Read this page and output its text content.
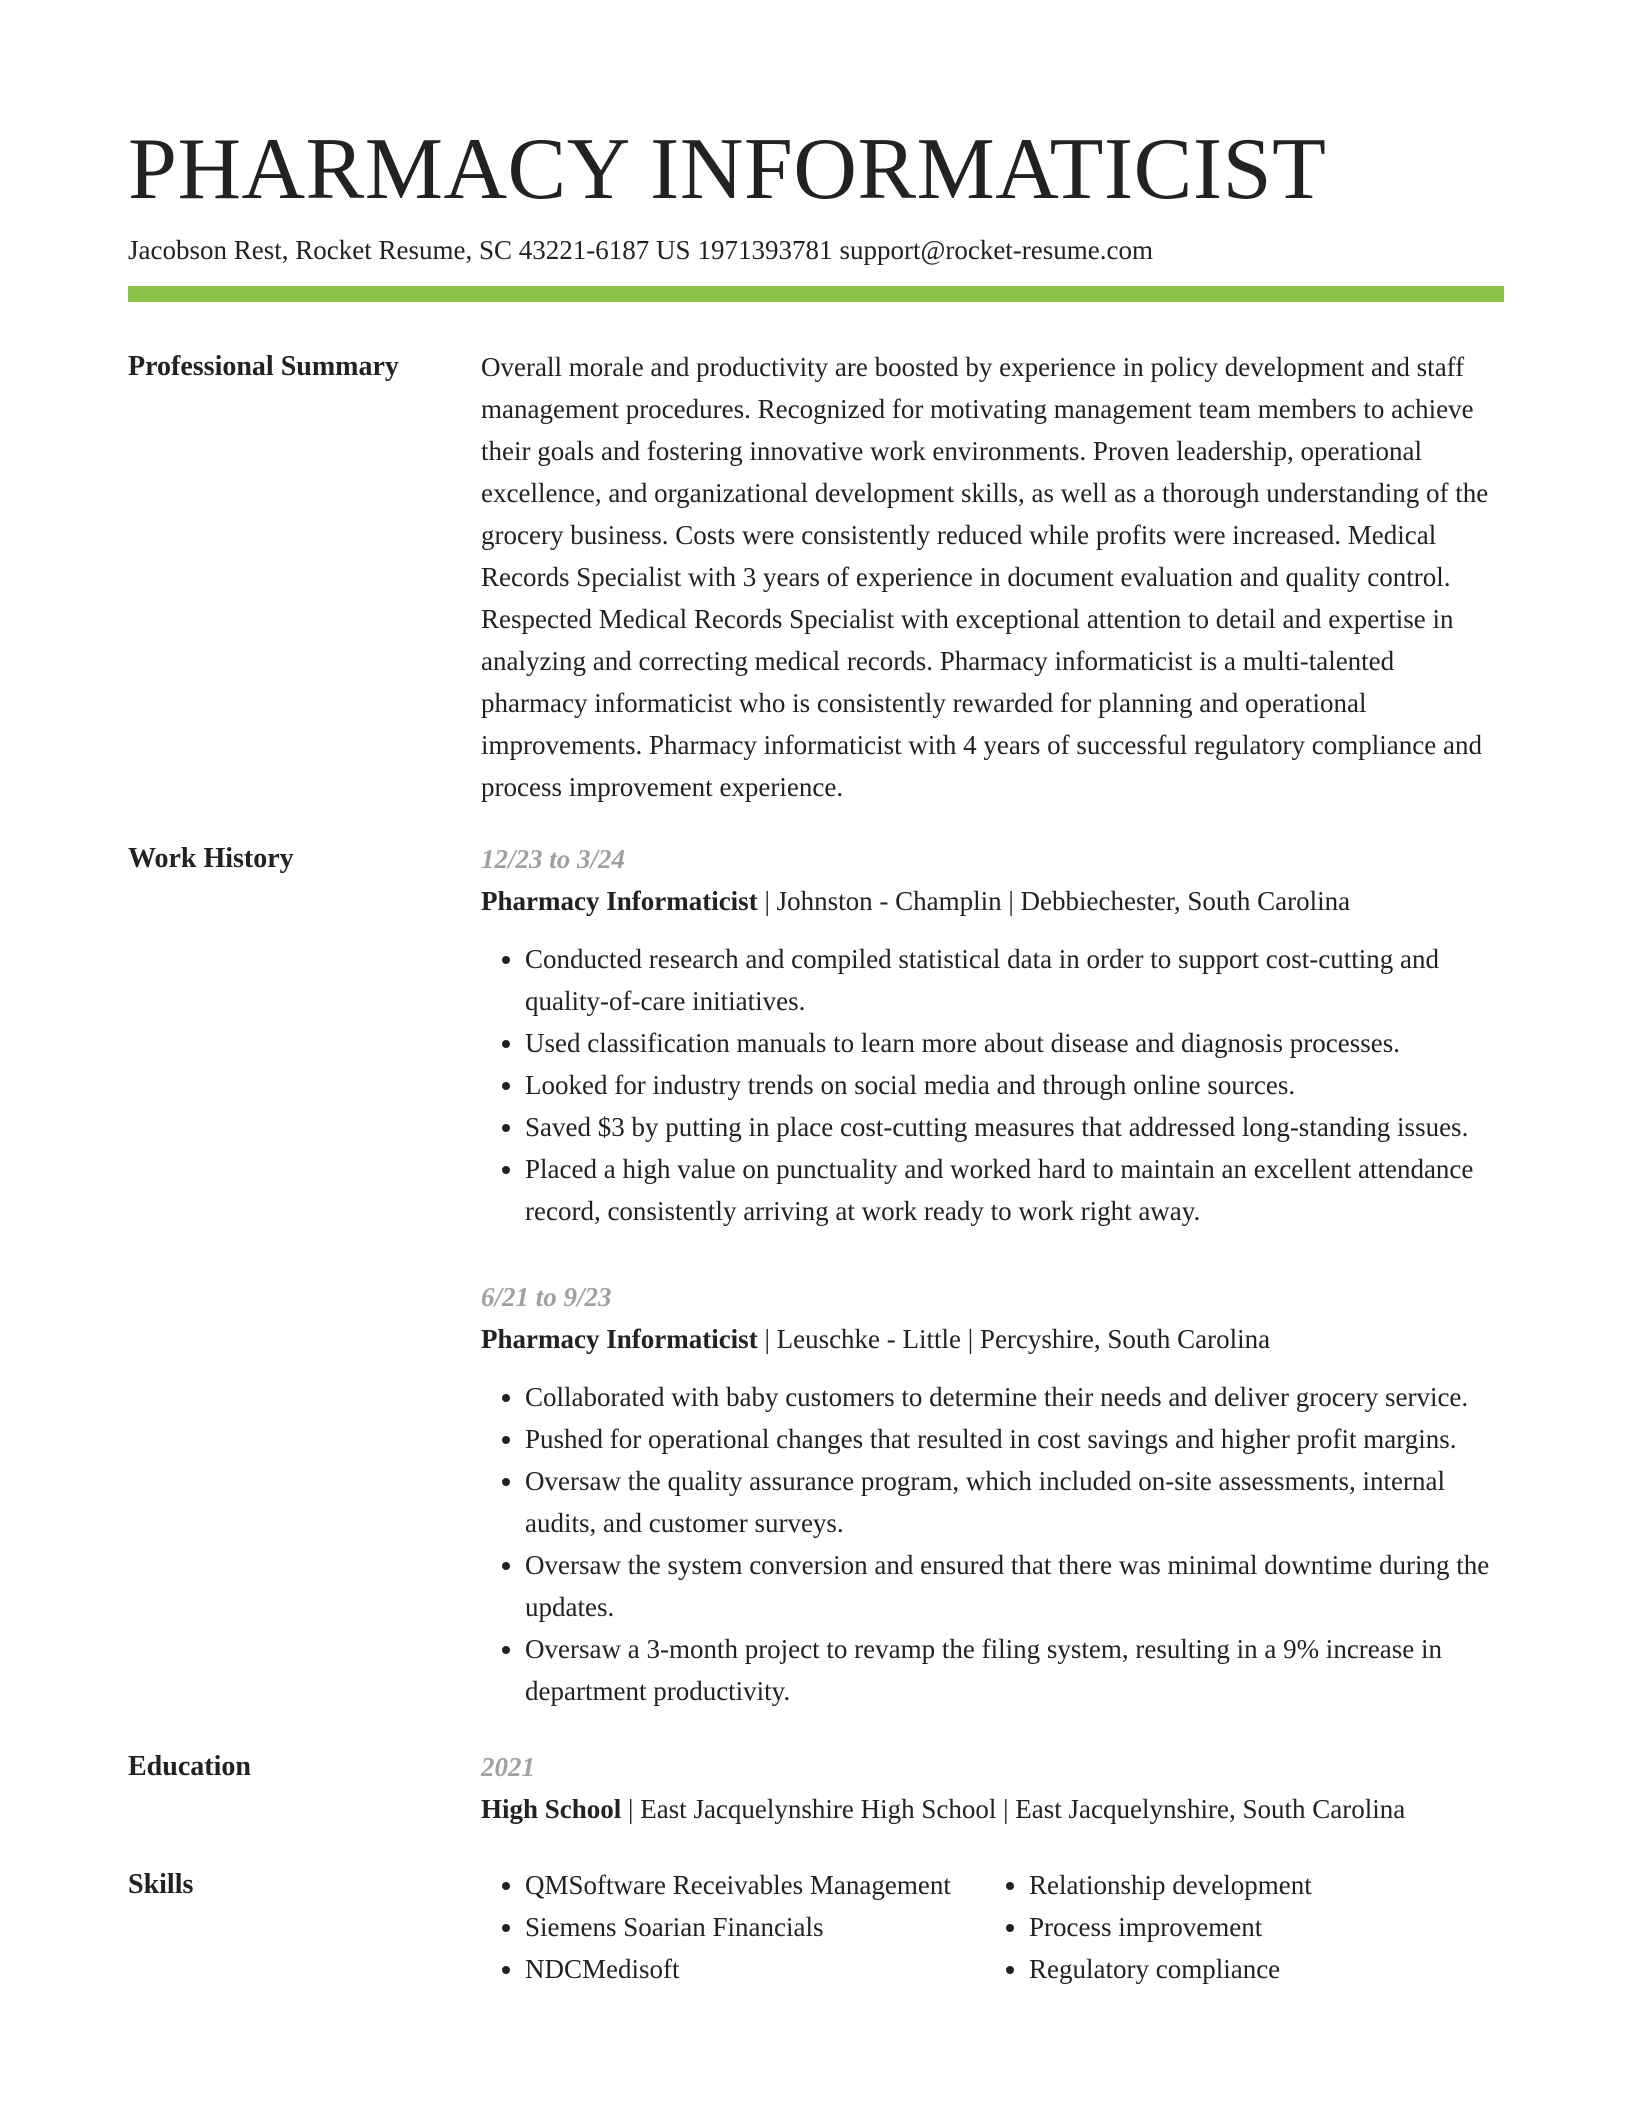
PHARMACY INFORMATICIST
Jacobson Rest, Rocket Resume, SC 43221-6187 US 1971393781 support@rocket-resume.com
Professional Summary	Overall morale and productivity are boosted by experience in policy development and staff management procedures. Recognized for motivating management team members to achieve their goals and fostering innovative work environments. Proven leadership, operational excellence, and organizational development skills, as well as a thorough understanding of the grocery business. Costs were consistently reduced while profits were increased. Medical Records Specialist with 3 years of experience in document evaluation and quality control. Respected Medical Records Specialist with exceptional attention to detail and expertise in analyzing and correcting medical records. Pharmacy informaticist is a multi-talented pharmacy informaticist who is consistently rewarded for planning and operational improvements. Pharmacy informaticist with 4 years of successful regulatory compliance and process improvement experience.

Work History	12/23 to 3/24
Pharmacy Informaticist | Johnston - Champlin | Debbiechester, South Carolina
• Conducted research and compiled statistical data in order to support cost-cutting and quality-of-care initiatives.
• Used classification manuals to learn more about disease and diagnosis processes.
• Looked for industry trends on social media and through online sources.
• Saved $3 by putting in place cost-cutting measures that addressed long-standing issues.
• Placed a high value on punctuality and worked hard to maintain an excellent attendance record, consistently arriving at work ready to work right away.
6/21 to 9/23
Pharmacy Informaticist | Leuschke - Little | Percyshire, South Carolina
• Collaborated with baby customers to determine their needs and deliver grocery service.
• Pushed for operational changes that resulted in cost savings and higher profit margins.
• Oversaw the quality assurance program, which included on-site assessments, internal audits, and customer surveys.
• Oversaw the system conversion and ensured that there was minimal downtime during the updates.
• Oversaw a 3-month project to revamp the filing system, resulting in a 9% increase in department productivity.
Education	2021
High School | East Jacquelynshire High School | East Jacquelynshire, South Carolina
Skills
•	QMSoftware Receivables Management
• Siemens Soarian Financials
• NDCMedisoft
• Relationship development
• Process improvement
• Regulatory compliance
